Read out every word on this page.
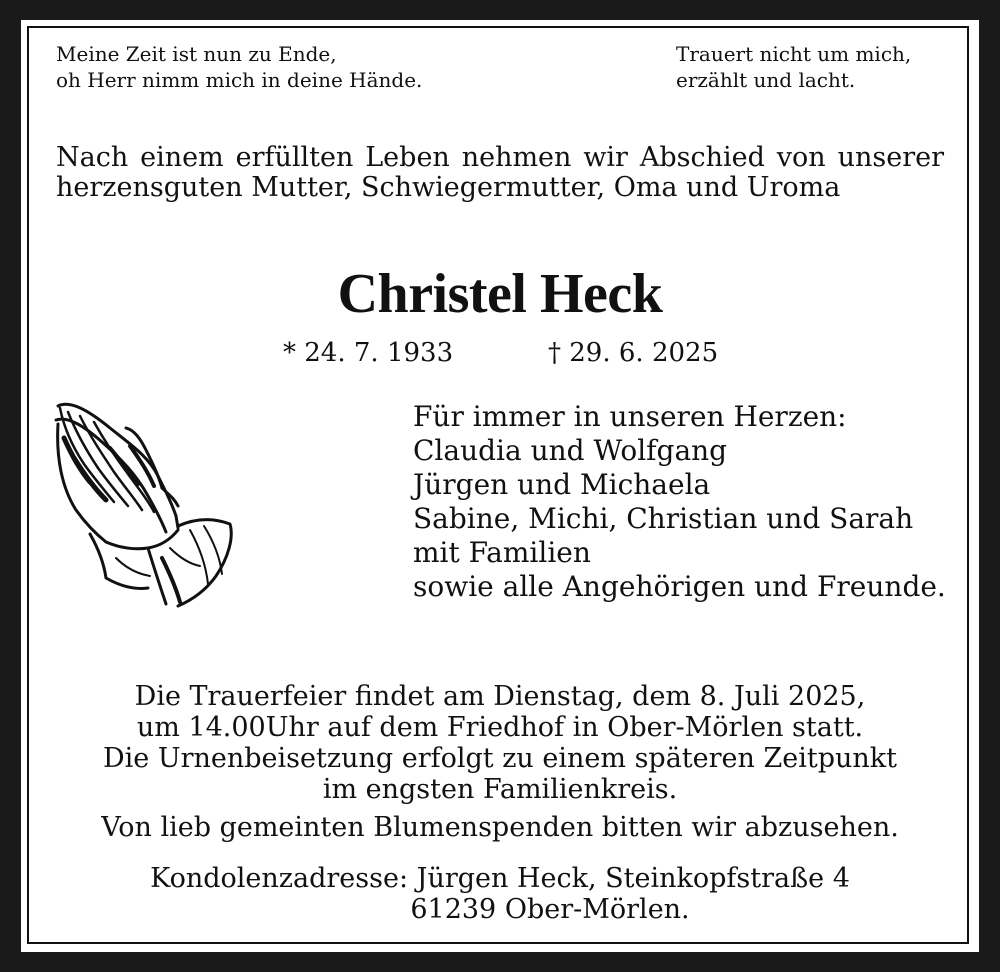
Meine Zeit ist nun zu Ende,
oh Herr nimm mich in deine Hände.
Trauert nicht um mich,
erzählt und lacht.
Nach einem erfüllten Leben nehmen wir Abschied von unserer herzensguten Mutter, Schwiegermutter, Oma und Uroma
Christel Heck
* 24. 7. 1933	† 29. 6. 2025
Für immer in unseren Herzen:
Claudia und Wolfgang
Jürgen und Michaela
Sabine, Michi, Christian und Sarah
mit Familien
sowie alle Angehörigen und Freunde.
Die Trauerfeier findet am Dienstag, dem 8. Juli 2025,
um 14.00Uhr auf dem Friedhof in Ober-Mörlen statt.
Die Urnenbeisetzung erfolgt zu einem späteren Zeitpunkt
im engsten Familienkreis.
Von lieb gemeinten Blumenspenden bitten wir abzusehen.
Kondolenzadresse: Jürgen Heck, Steinkopfstraße 4
61239 Ober-Mörlen.
